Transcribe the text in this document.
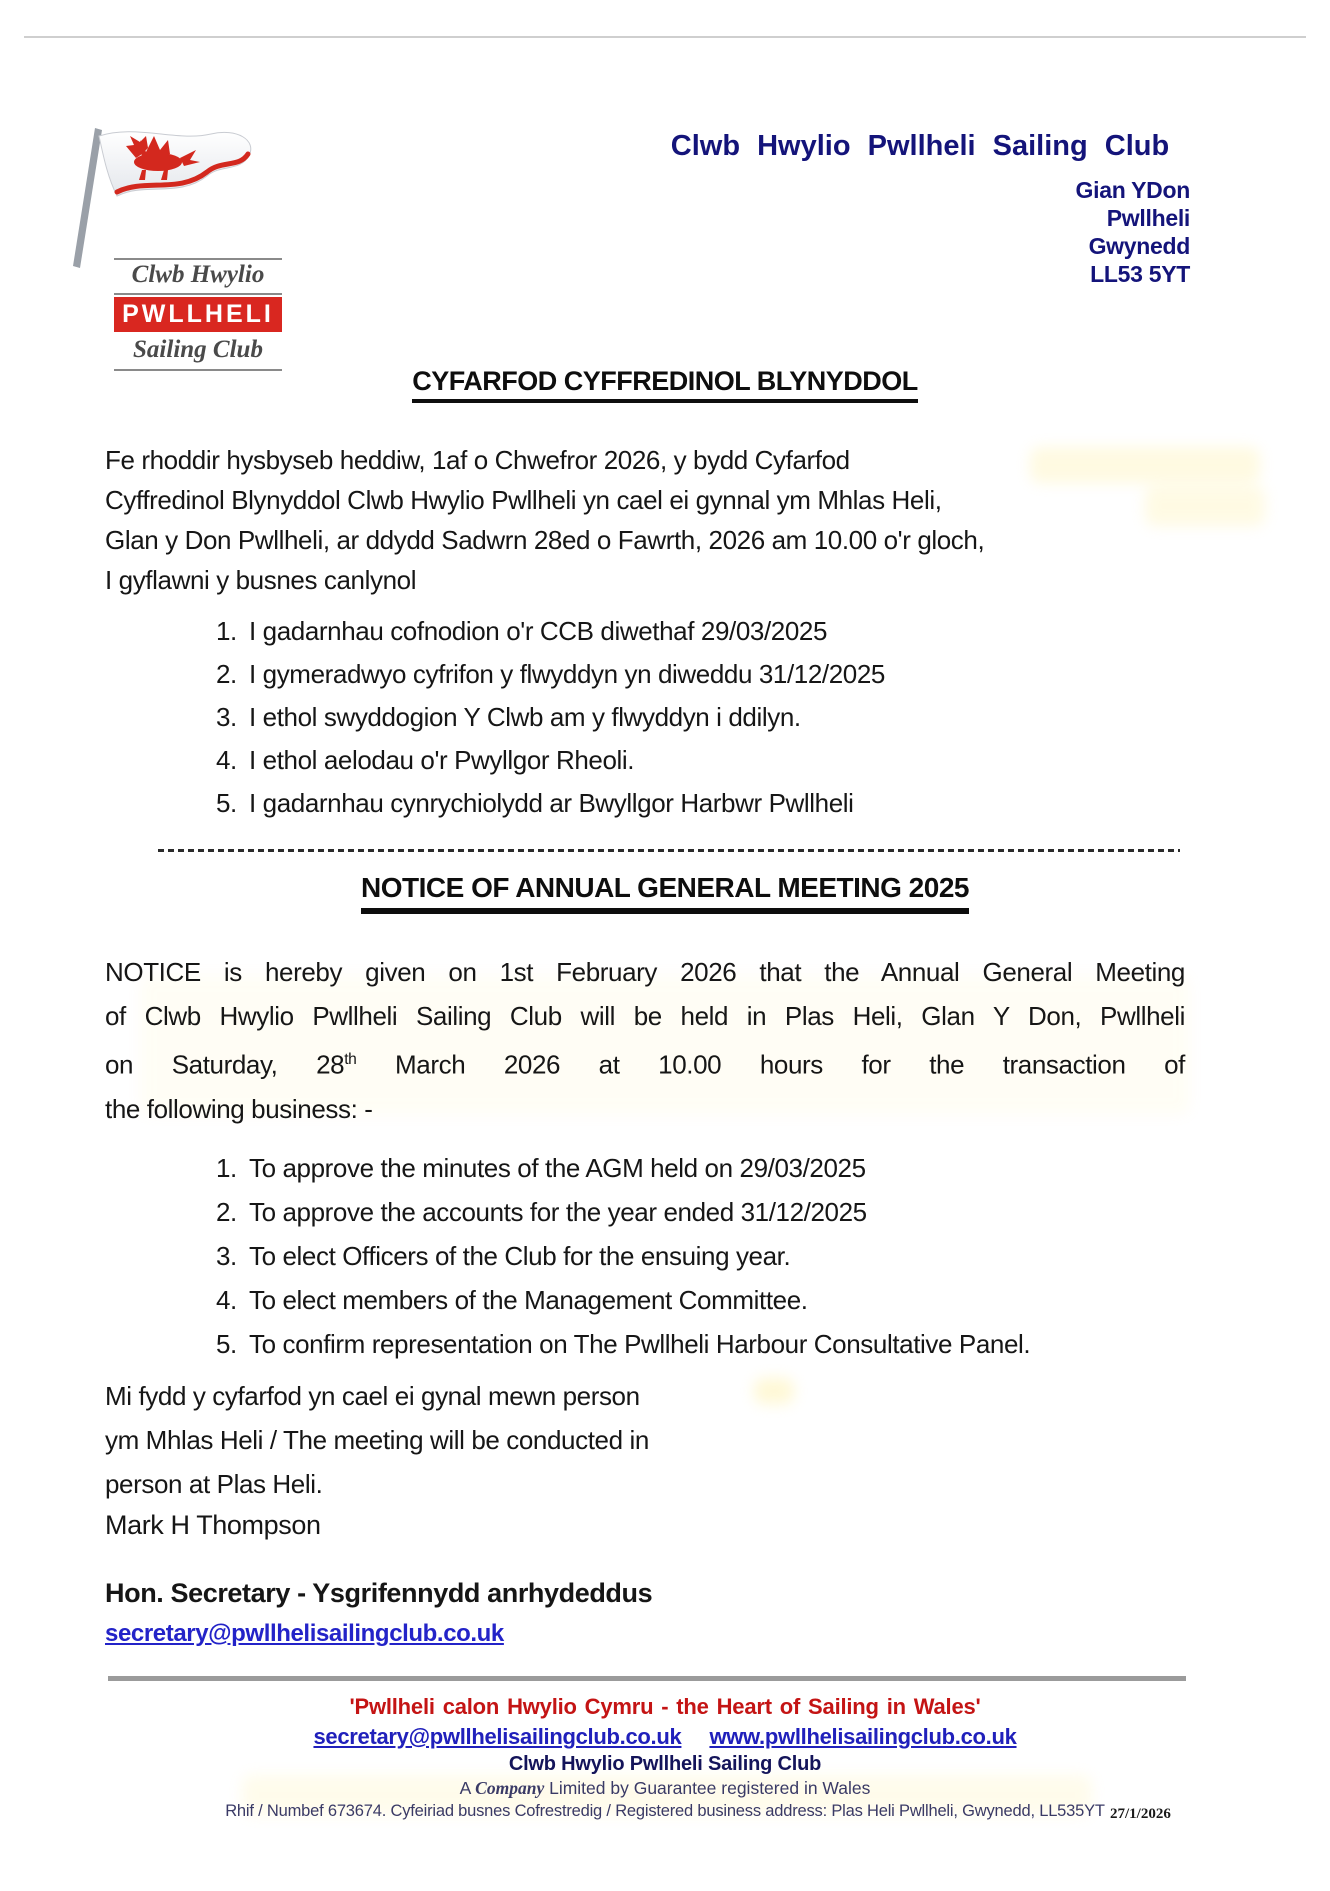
Clwb Hwylio
PWLLHELI
Sailing Club
Clwb Hwylio Pwllheli Sailing Club
Gian YDon
Pwllheli
Gwynedd
LL53 5YT
CYFARFOD CYFFREDINOL BLYNYDDOL
Fe rhoddir hysbyseb heddiw, 1af o Chwefror 2026, y bydd Cyfarfod
Cyffredinol Blynyddol Clwb Hwylio Pwllheli yn cael ei gynnal ym Mhlas Heli,
Glan y Don Pwllheli, ar ddydd Sadwrn 28ed o Fawrth, 2026 am 10.00 o'r gloch,
I gyflawni y busnes canlynol
1. I gadarnhau cofnodion o'r CCB diwethaf 29/03/2025
2. I gymeradwyo cyfrifon y flwyddyn yn diweddu 31/12/2025
3. I ethol swyddogion Y Clwb am y flwyddyn i ddilyn.
4. I ethol aelodau o'r Pwyllgor Rheoli.
5. I gadarnhau cynrychiolydd ar Bwyllgor Harbwr Pwllheli
NOTICE OF ANNUAL GENERAL MEETING 2025
NOTICE is hereby given on 1st February 2026 that the Annual General Meeting
of Clwb Hwylio Pwllheli Sailing Club will be held in Plas Heli, Glan Y Don, Pwllheli
on Saturday, 28th March 2026 at 10.00 hours for the transaction of
the following business: -
1. To approve the minutes of the AGM held on 29/03/2025
2. To approve the accounts for the year ended 31/12/2025
3. To elect Officers of the Club for the ensuing year.
4. To elect members of the Management Committee.
5. To confirm representation on The Pwllheli Harbour Consultative Panel.
Mi fydd y cyfarfod yn cael ei gynal mewn person
ym Mhlas Heli / The meeting will be conducted in
person at Plas Heli.
Mark H Thompson
Hon. Secretary - Ysgrifennydd anrhydeddus
secretary@pwllhelisailingclub.co.uk
'Pwllheli calon Hwylio Cymru - the Heart of Sailing in Wales'
secretary@pwllhelisailingclub.co.uk www.pwllhelisailingclub.co.uk
Clwb Hwylio Pwllheli Sailing Club
A Company Limited by Guarantee registered in Wales
Rhif / Numbef 673674. Cyfeiriad busnes Cofrestredig / Registered business address: Plas Heli Pwllheli, Gwynedd, LL535YT 27/1/2026
